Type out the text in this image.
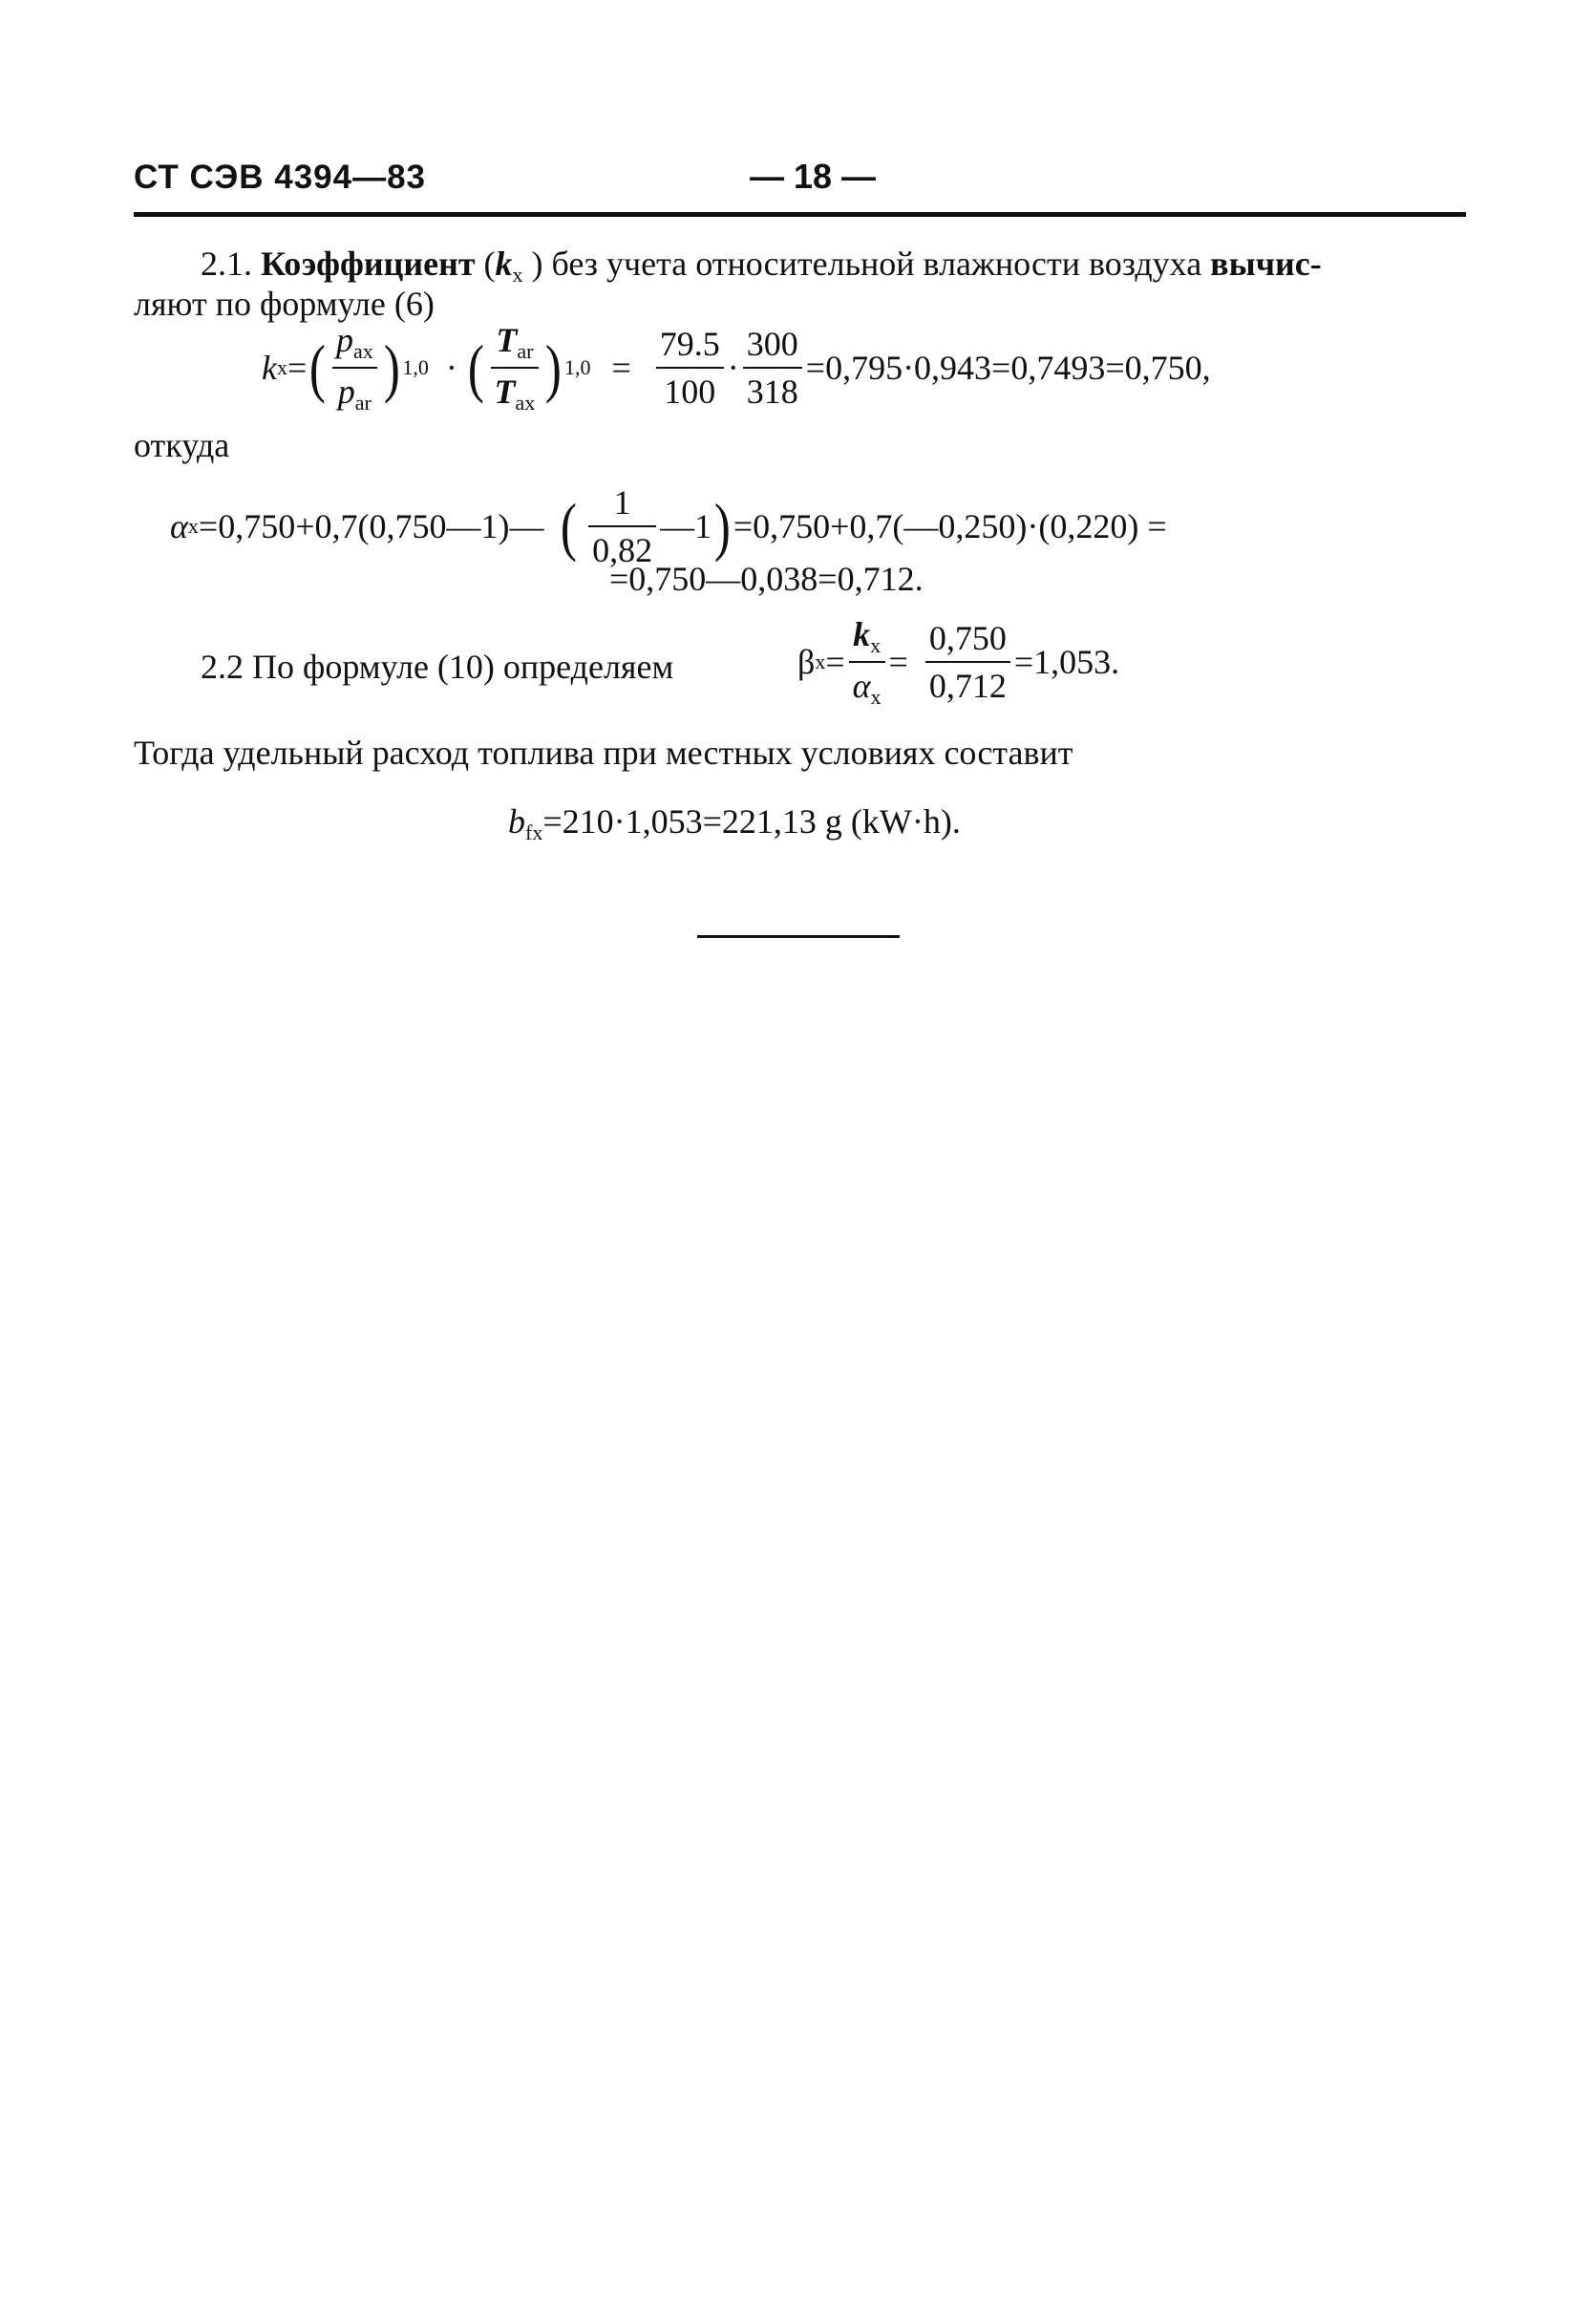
СТ СЭВ 4394—83	— 18 —
2.1. Коэффициент ($k_x$ ) без учета относительной влажности воздуха вычис-
ляют по формуле (6)
k x = ( $\frac{p_{ax}}{p_{ar}}$ ) 1,0 · ( $\frac{T_{ar}}{T_{ax}}$ ) $1,0 = \frac{79.5}{100} \cdot \frac{300}{318} =0,795\cdot 0,943=0,7493=0,750$,
откуда
α x =0,750+0,7(0,750—1)— ( $\frac{1}{0,82}$ —1 ) =0,750+0,7(—0,250)·(0,220) =
=0,750—0,038=0,712.
2.2 По формуле (10) определяем	β $x = \frac{k_x}{\alpha_x} = \frac{0,750}{0,712} =1,053$.
Тогда удельный расход топлива при местных условиях составит
$b_{fx}=210\cdot 1,053=221,13$ g (kW·h).
